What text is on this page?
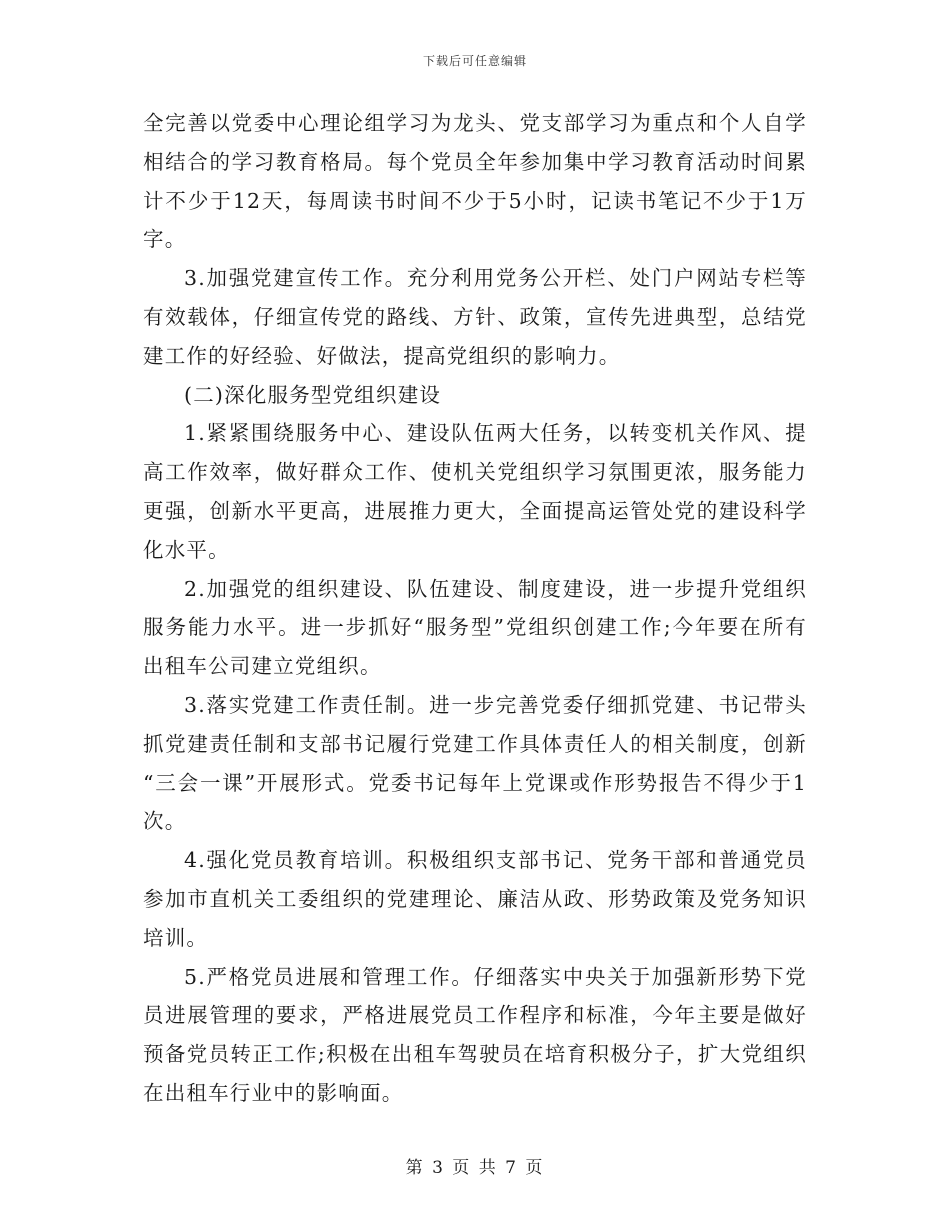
下载后可任意编辑
全完善以党委中心理论组学习为龙头、党支部学习为重点和个人自学
相结合的学习教育格局。每个党员全年参加集中学习教育活动时间累
计不少于12天，每周读书时间不少于5小时，记读书笔记不少于1万
字。
3.加强党建宣传工作。充分利用党务公开栏、处门户网站专栏等
有效载体，仔细宣传党的路线、方针、政策，宣传先进典型，总结党
建工作的好经验、好做法，提高党组织的影响力。
(二)深化服务型党组织建设
1.紧紧围绕服务中心、建设队伍两大任务，以转变机关作风、提
高工作效率，做好群众工作、使机关党组织学习氛围更浓，服务能力
更强，创新水平更高，进展推力更大，全面提高运管处党的建设科学
化水平。
2.加强党的组织建设、队伍建设、制度建设，进一步提升党组织
服务能力水平。进一步抓好“服务型”党组织创建工作;今年要在所有
出租车公司建立党组织。
3.落实党建工作责任制。进一步完善党委仔细抓党建、书记带头
抓党建责任制和支部书记履行党建工作具体责任人的相关制度，创新
“三会一课”开展形式。党委书记每年上党课或作形势报告不得少于1
次。
4.强化党员教育培训。积极组织支部书记、党务干部和普通党员
参加市直机关工委组织的党建理论、廉洁从政、形势政策及党务知识
培训。
5.严格党员进展和管理工作。仔细落实中央关于加强新形势下党
员进展管理的要求，严格进展党员工作程序和标准，今年主要是做好
预备党员转正工作;积极在出租车驾驶员在培育积极分子，扩大党组织
在出租车行业中的影响面。
第 3 页 共 7 页
